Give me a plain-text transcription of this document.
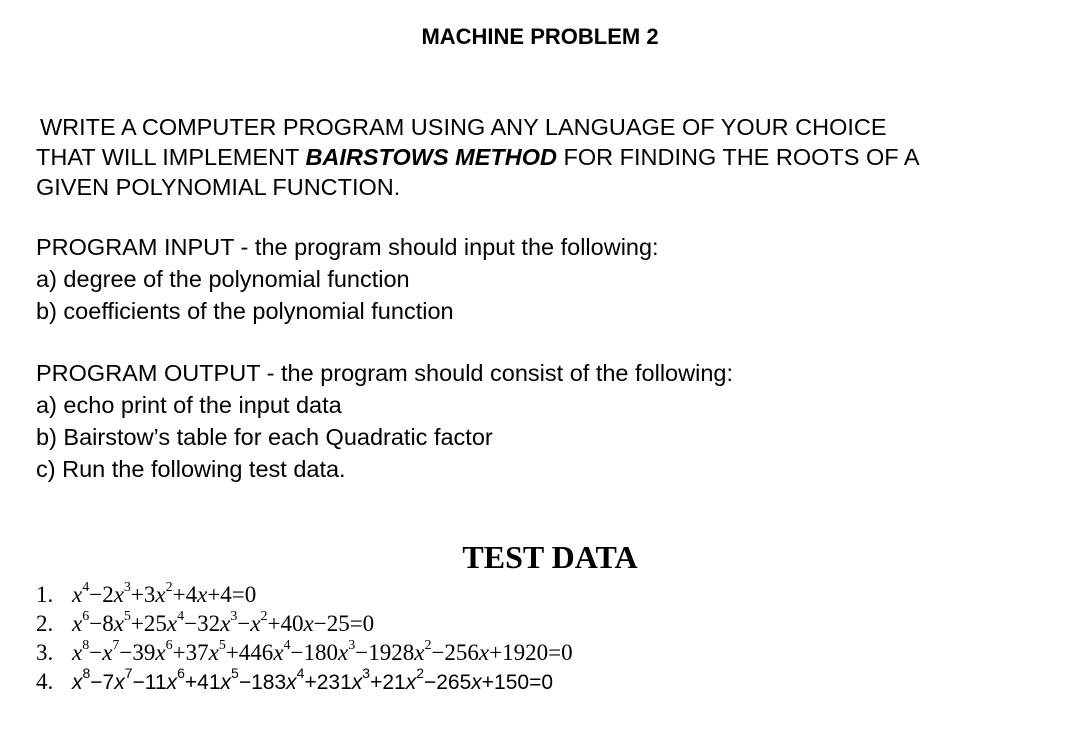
MACHINE PROBLEM 2

WRITE A COMPUTER PROGRAM USING ANY LANGUAGE OF YOUR CHOICE
THAT WILL IMPLEMENT BAIRSTOWS METHOD FOR FINDING THE ROOTS OF A
GIVEN POLYNOMIAL FUNCTION.

PROGRAM INPUT - the program should input the following:

a) degree of the polynomial function

b) coefficients of the polynomial function

PROGRAM OUTPUT - the program should consist of the following:

a) echo print of the input data

b) Bairstow’s table for each Quadratic factor

c) Run the following test data.

TEST DATA
1. $x^4-2x^3+3x^2+4x+4=0$
2. $x^6-8x^5+25x^4-32x^3-x^2+40x-25=0$
3. $x^8-x^7-39x^6+37x^5+446x^4-180x^3-1928x^2-256x+1920=0$
4. $x^8-7x^7-11x^6+41x^5-183x^4+231x^3+21x^2-265x+150=0$
